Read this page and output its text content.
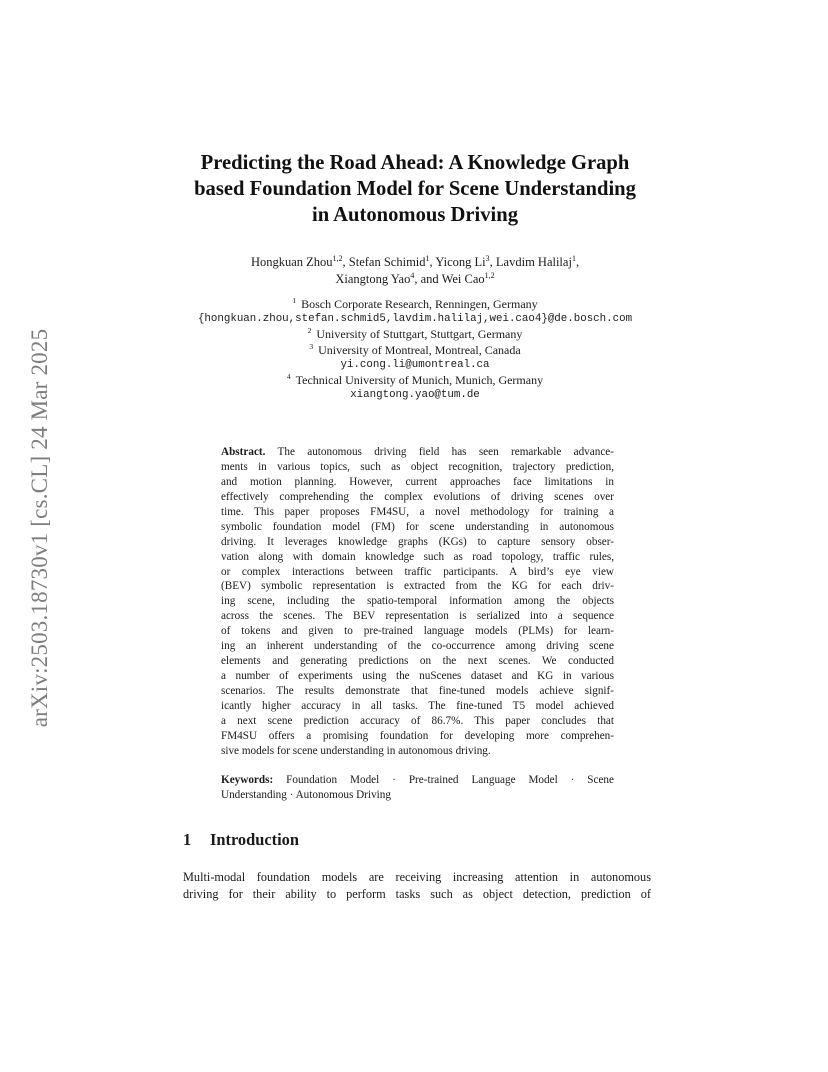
arXiv:2503.18730v1 [cs.CL] 24 Mar 2025
Predicting the Road Ahead: A Knowledge Graph
based Foundation Model for Scene Understanding
in Autonomous Driving
Hongkuan Zhou$^{1,2}$, Stefan Schimid$^1$, Yicong Li$^3$, Lavdim Halilaj$^1$,
Xiangtong Yao$^4$, and Wei Cao$^{1,2}$
$^1$ Bosch Corporate Research, Renningen, Germany
{hongkuan.zhou,stefan.schmid5,lavdim.halilaj,wei.cao4}@de.bosch.com
$^2$ University of Stuttgart, Stuttgart, Germany
$^3$ University of Montreal, Montreal, Canada
yi.cong.li@umontreal.ca
$^4$ Technical University of Munich, Munich, Germany
xiangtong.yao@tum.de
Abstract. The autonomous driving field has seen remarkable advance-
ments in various topics, such as object recognition, trajectory prediction,
and motion planning. However, current approaches face limitations in
effectively comprehending the complex evolutions of driving scenes over
time. This paper proposes FM4SU, a novel methodology for training a
symbolic foundation model (FM) for scene understanding in autonomous
driving. It leverages knowledge graphs (KGs) to capture sensory obser-
vation along with domain knowledge such as road topology, traffic rules,
or complex interactions between traffic participants. A bird’s eye view
(BEV) symbolic representation is extracted from the KG for each driv-
ing scene, including the spatio-temporal information among the objects
across the scenes. The BEV representation is serialized into a sequence
of tokens and given to pre-trained language models (PLMs) for learn-
ing an inherent understanding of the co-occurrence among driving scene
elements and generating predictions on the next scenes. We conducted
a number of experiments using the nuScenes dataset and KG in various
scenarios. The results demonstrate that fine-tuned models achieve signif-
icantly higher accuracy in all tasks. The fine-tuned T5 model achieved
a next scene prediction accuracy of 86.7%. This paper concludes that
FM4SU offers a promising foundation for developing more comprehen-
sive models for scene understanding in autonomous driving.
Keywords: Foundation Model · Pre-trained Language Model · Scene
Understanding · Autonomous Driving
1 Introduction
Multi-modal foundation models are receiving increasing attention in autonomous
driving for their ability to perform tasks such as object detection, prediction of
